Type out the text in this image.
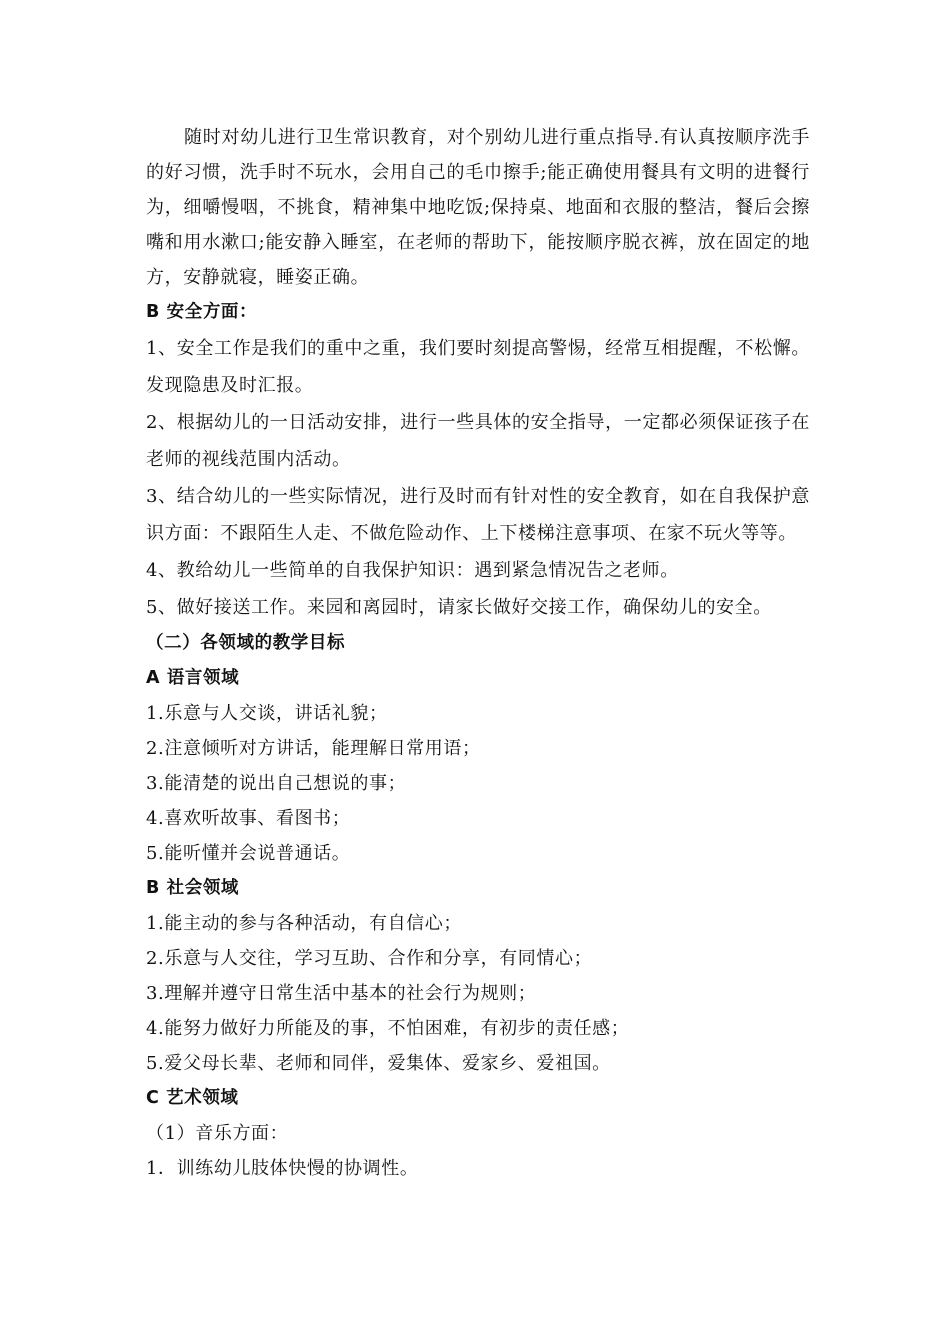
随时对幼儿进行卫生常识教育，对个别幼儿进行重点指导.有认真按顺序洗手的好习惯，洗手时不玩水，会用自己的毛巾擦手;能正确使用餐具有文明的进餐行为，细嚼慢咽，不挑食，精神集中地吃饭;保持桌、地面和衣服的整洁，餐后会擦嘴和用水漱口;能安静入睡室，在老师的帮助下，能按顺序脱衣裤，放在固定的地方，安静就寝，睡姿正确。

B 安全方面：

1、安全工作是我们的重中之重，我们要时刻提高警惕，经常互相提醒，不松懈。发现隐患及时汇报。

2、根据幼儿的一日活动安排，进行一些具体的安全指导，一定都必须保证孩子在老师的视线范围内活动。

3、结合幼儿的一些实际情况，进行及时而有针对性的安全教育，如在自我保护意识方面：不跟陌生人走、不做危险动作、上下楼梯注意事项、在家不玩火等等。

4、教给幼儿一些简单的自我保护知识：遇到紧急情况告之老师。

5、做好接送工作。来园和离园时，请家长做好交接工作，确保幼儿的安全。

（二）各领域的教学目标
A 语言领域

1.乐意与人交谈，讲话礼貌；

2.注意倾听对方讲话，能理解日常用语；

3.能清楚的说出自己想说的事；

4.喜欢听故事、看图书；

5.能听懂并会说普通话。

B 社会领域

1.能主动的参与各种活动，有自信心；

2.乐意与人交往，学习互助、合作和分享，有同情心；

3.理解并遵守日常生活中基本的社会行为规则；

4.能努力做好力所能及的事，不怕困难，有初步的责任感；

5.爱父母长辈、老师和同伴，爱集体、爱家乡、爱祖国。

C 艺术领域

（1）音乐方面：

1．训练幼儿肢体快慢的协调性。
